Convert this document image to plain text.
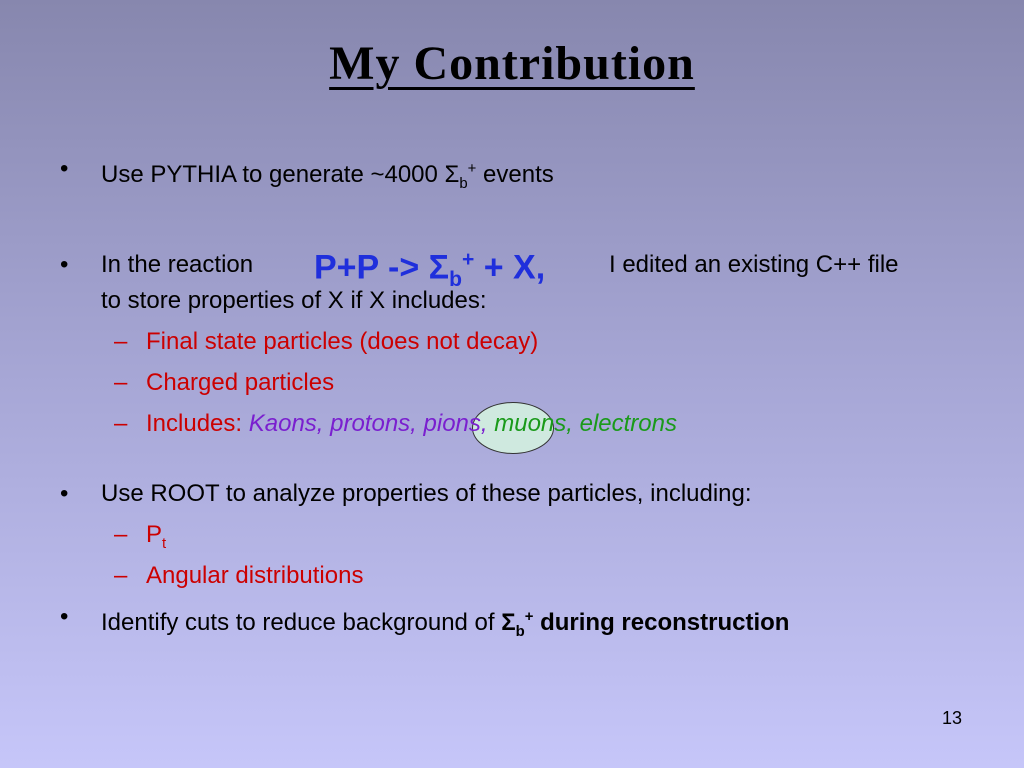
My Contribution
• Use PYTHIA to generate ~4000 $\Sigma_b^+$ events
• In the reaction $P+P -> \Sigma_b^+ + X$,	I edited an existing C++ file
to store properties of X if X includes:
– Final state particles (does not decay)
– Charged particles
– Includes: Kaons, protons, pions, muons, electrons
• Use ROOT to analyze properties of these particles, including:
– $P_t$
– Angular distributions
• Identify cuts to reduce background of $\Sigma_b^+$ during reconstruction
13
